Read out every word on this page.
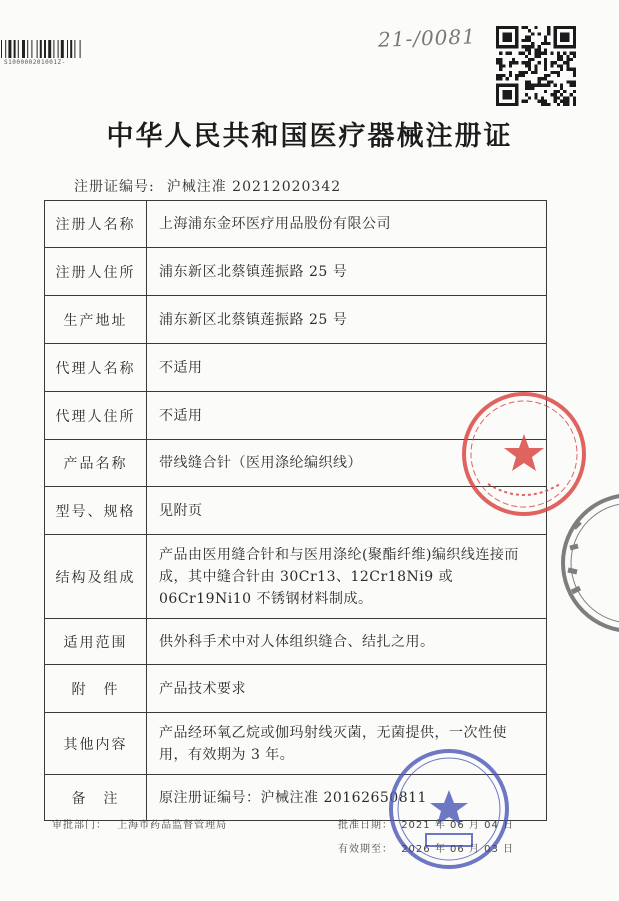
S100000201001Z-
21-/0081
中华人民共和国医疗器械注册证
注册证编号: 沪械注准 20212020342
注册人名称	上海浦东金环医疗用品股份有限公司
注册人住所	浦东新区北蔡镇莲振路 25 号
生产地址	浦东新区北蔡镇莲振路 25 号
代理人名称	不适用
代理人住所	不适用
产品名称	带线缝合针（医用涤纶编织线）
型号、规格	见附页
结构及组成	产品由医用缝合针和与医用涤纶(聚酯纤维)编织线连接而成，其中缝合针由 30Cr13、12Cr18Ni9 或 06Cr19Ni10 不锈钢材料制成。
适用范围	供外科手术中对人体组织缝合、结扎之用。
附　件	产品技术要求
其他内容	产品经环氧乙烷或伽玛射线灭菌，无菌提供，一次性使用，有效期为 3 年。
备　注	原注册证编号：沪械注准 20162650811
审批部门： 上海市药品监督管理局	批准日期： 2021 年 06 月 04 日
有效期至： 2026 年 06 月 03 日
